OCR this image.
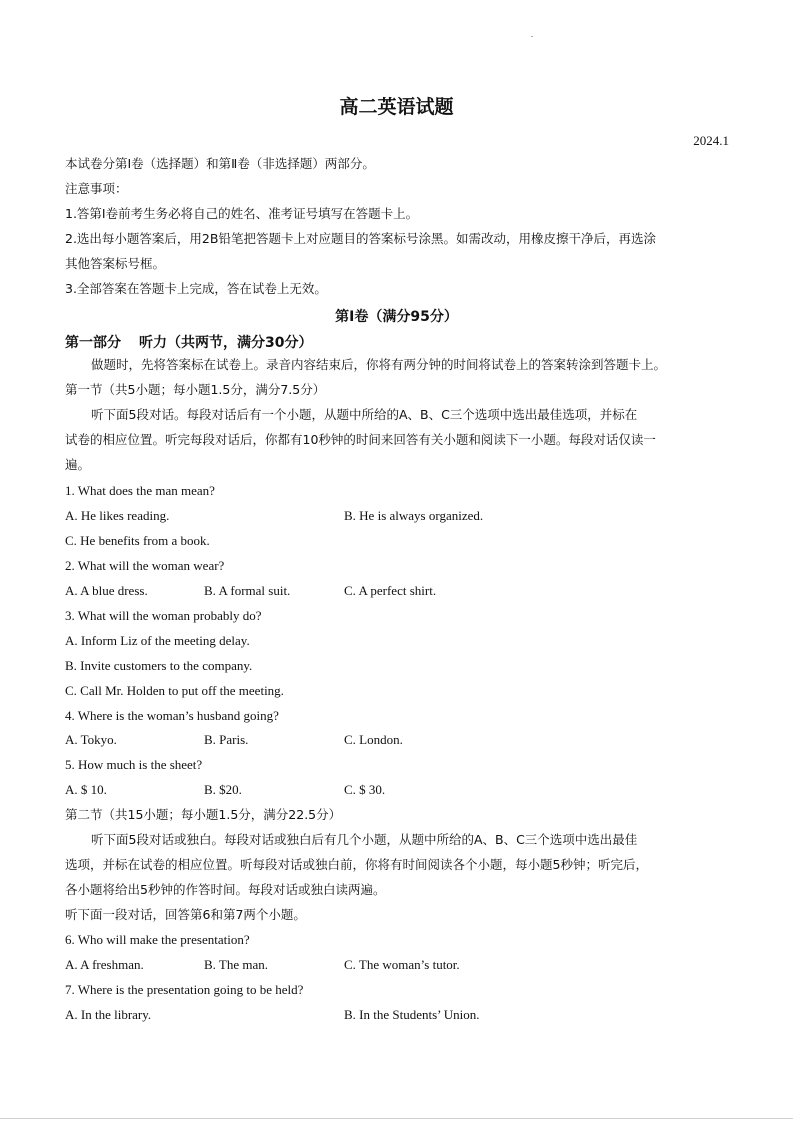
高二英语试题
2024.1
本试卷分第Ⅰ卷（选择题）和第Ⅱ卷（非选择题）两部分。
注意事项：
1.答第Ⅰ卷前考生务必将自己的姓名、准考证号填写在答题卡上。
2.选出每小题答案后，用2B铅笔把答题卡上对应题目的答案标号涂黑。如需改动，用橡皮擦干净后，再选涂
其他答案标号框。
3.全部答案在答题卡上完成，答在试卷上无效。
第Ⅰ卷（满分95分）
第一部分 听力（共两节，满分30分）
做题时，先将答案标在试卷上。录音内容结束后，你将有两分钟的时间将试卷上的答案转涂到答题卡上。
第一节（共5小题；每小题1.5分，满分7.5分）
听下面5段对话。每段对话后有一个小题，从题中所给的A、B、C三个选项中选出最佳选项，并标在
试卷的相应位置。听完每段对话后，你都有10秒钟的时间来回答有关小题和阅读下一小题。每段对话仅读一
遍。
1. What does the man mean?
A. He likes reading.	B. He is always organized.
C. He benefits from a book.
2. What will the woman wear?
A. A blue dress.	B. A formal suit.	C. A perfect shirt.
3. What will the woman probably do?
A. Inform Liz of the meeting delay.
B. Invite customers to the company.
C. Call Mr. Holden to put off the meeting.
4. Where is the woman’s husband going?
A. Tokyo.	B. Paris.	C. London.
5. How much is the sheet?
A. $ 10.	B. $20.	C. $ 30.
第二节（共15小题；每小题1.5分，满分22.5分）
听下面5段对话或独白。每段对话或独白后有几个小题，从题中所给的A、B、C三个选项中选出最佳
选项，并标在试卷的相应位置。听每段对话或独白前，你将有时间阅读各个小题，每小题5秒钟；听完后，
各小题将给出5秒钟的作答时间。每段对话或独白读两遍。
听下面一段对话，回答第6和第7两个小题。
6. Who will make the presentation?
A. A freshman.	B. The man.	C. The woman’s tutor.
7. Where is the presentation going to be held?
A. In the library.	B. In the Students’ Union.
